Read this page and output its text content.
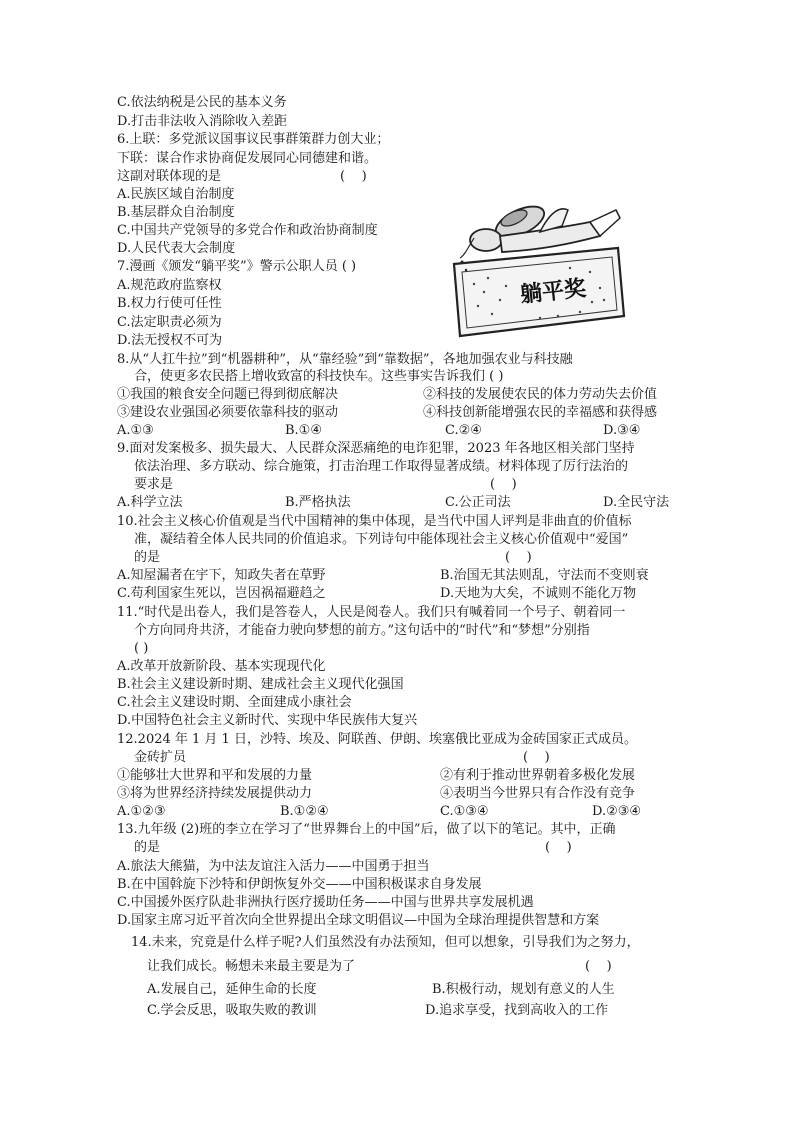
C.依法纳税是公民的基本义务
D.打击非法收入消除收入差距
6.上联：多党派议国事议民事群策群力创大业；
下联：谋合作求协商促发展同心同德建和谐。
这副对联体现的是	(    )
A.民族区域自治制度
B.基层群众自治制度
C.中国共产党领导的多党合作和政治协商制度
D.人民代表大会制度
7.漫画《颁发“躺平奖”》警示公职人员 ( )
A.规范政府监察权
B.权力行使可任性
C.法定职责必须为
D.法无授权不可为
躺平奖
8.从“人扛牛拉”到“机器耕种”，从“靠经验”到“靠数据”，各地加强农业与科技融
合，使更多农民搭上增收致富的科技快车。这些事实告诉我们 ( )
①我国的粮食安全问题已得到彻底解决	②科技的发展使农民的体力劳动失去价值
③建设农业强国必须要依靠科技的驱动	④科技创新能增强农民的幸福感和获得感
A.①③	B.①④	C.②④	D.③④
9.面对发案极多、损失最大、人民群众深恶痛绝的电诈犯罪，2023 年各地区相关部门坚持
依法治理、多方联动、综合施策，打击治理工作取得显著成绩。材料体现了厉行法治的
要求是	(    )
A.科学立法	B.严格执法	C.公正司法	D.全民守法
10.社会主义核心价值观是当代中国精神的集中体现，是当代中国人评判是非曲直的价值标
准，凝结着全体人民共同的价值追求。下列诗句中能体现社会主义核心价值观中“爱国”
的是	(    )
A.知屋漏者在宇下，知政失者在草野	B.治国无其法则乱，守法而不变则衰
C.苟利国家生死以，岂因祸福避趋之	D.天地为大矣，不诚则不能化万物
11.“时代是出卷人，我们是答卷人，人民是阅卷人。我们只有喊着同一个号子、朝着同一
个方向同舟共济，才能奋力驶向梦想的前方。”这句话中的“时代”和“梦想”分别指
( )
A.改革开放新阶段、基本实现现代化
B.社会主义建设新时期、建成社会主义现代化强国
C.社会主义建设时期、全面建成小康社会
D.中国特色社会主义新时代、实现中华民族伟大复兴
12.2024 年 1 月 1 日，沙特、埃及、阿联酋、伊朗、埃塞俄比亚成为金砖国家正式成员。
金砖扩员	(    )
①能够壮大世界和平和发展的力量	②有利于推动世界朝着多极化发展
③将为世界经济持续发展提供动力	④表明当今世界只有合作没有竞争
A.①②③	B.①②④	C.①③④	D.②③④
13.九年级 (2)班的李立在学习了“世界舞台上的中国”后，做了以下的笔记。其中，正确
的是	(    )
A.旅法大熊猫，为中法友谊注入活力——中国勇于担当
B.在中国斡旋下沙特和伊朗恢复外交——中国积极谋求自身发展
C.中国援外医疗队赴非洲执行医疗援助任务——中国与世界共享发展机遇
D.国家主席习近平首次向全世界提出全球文明倡议—中国为全球治理提供智慧和方案
14.未来，究竟是什么样子呢?人们虽然没有办法预知，但可以想象，引导我们为之努力，
让我们成长。畅想未来最主要是为了	(    )
A.发展自己，延伸生命的长度	B.积极行动，规划有意义的人生
C.学会反思，吸取失败的教训	D.追求享受，找到高收入的工作
